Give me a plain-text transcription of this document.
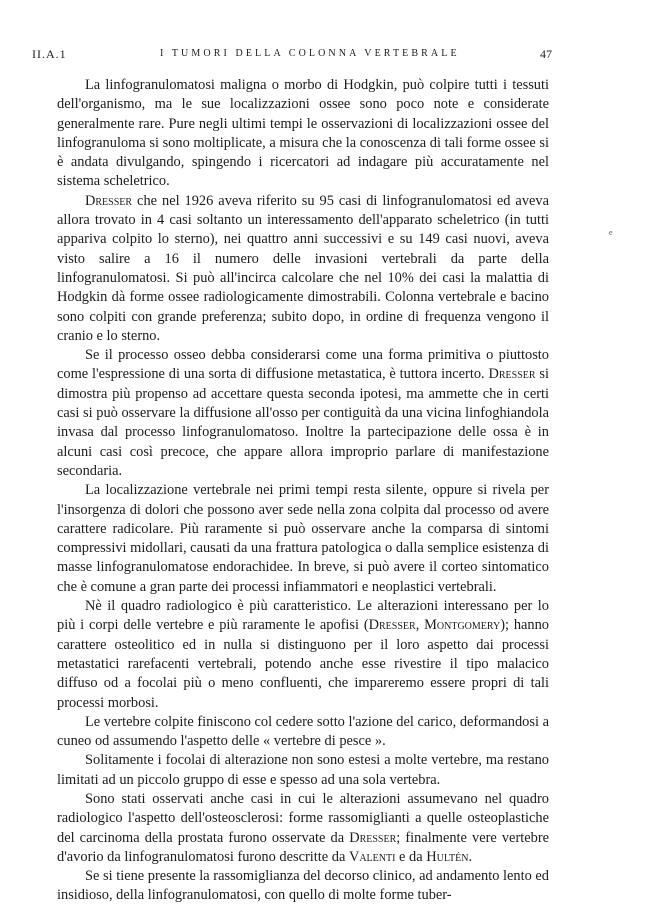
II.A.1	I TUMORI DELLA COLONNA VERTEBRALE	47
e

La linfogranulomatosi maligna o morbo di Hodgkin, può colpire tutti i tessuti dell'organismo, ma le sue localizzazioni ossee sono poco note e considerate generalmente rare. Pure negli ultimi tempi le osservazioni di localizzazioni ossee del linfogranuloma si sono moltiplicate, a misura che la conoscenza di tali forme ossee si è andata divulgando, spingendo i ricercatori ad indagare più accuratamente nel sistema scheletrico.

Dresser che nel 1926 aveva riferito su 95 casi di linfogranulomatosi ed aveva allora trovato in 4 casi soltanto un interessamento dell'apparato scheletrico (in tutti appariva colpito lo sterno), nei quattro anni successivi e su 149 casi nuovi, aveva visto salire a 16 il numero delle invasioni vertebrali da parte della linfogranulomatosi. Si può all'incirca calcolare che nel 10% dei casi la malattia di Hodgkin dà forme ossee radiologicamente dimostrabili. Colonna vertebrale e bacino sono colpiti con grande preferenza; subito dopo, in ordine di frequenza vengono il cranio e lo sterno.

Se il processo osseo debba considerarsi come una forma primitiva o piuttosto come l'espressione di una sorta di diffusione metastatica, è tuttora incerto. Dresser si dimostra più propenso ad accettare questa seconda ipotesi, ma ammette che in certi casi si può osservare la diffusione all'osso per contiguità da una vicina linfoghiandola invasa dal processo linfogranulomatoso. Inoltre la partecipazione delle ossa è in alcuni casi così precoce, che appare allora improprio parlare di manifestazione secondaria.

La localizzazione vertebrale nei primi tempi resta silente, oppure si rivela per l'insorgenza di dolori che possono aver sede nella zona colpita dal processo od avere carattere radicolare. Più raramente si può osservare anche la comparsa di sintomi compressivi midollari, causati da una frattura patologica o dalla semplice esistenza di masse linfogranulomatose endorachidee. In breve, si può avere il corteo sintomatico che è comune a gran parte dei processi infiammatori e neoplastici vertebrali.

Nè il quadro radiologico è più caratteristico. Le alterazioni interessano per lo più i corpi delle vertebre e più raramente le apofisi (Dresser, Montgomery); hanno carattere osteolitico ed in nulla si distinguono per il loro aspetto dai processi metastatici rarefacenti vertebrali, potendo anche esse rivestire il tipo malacico diffuso od a focolai più o meno confluenti, che impareremo essere propri di tali processi morbosi.

Le vertebre colpite finiscono col cedere sotto l'azione del carico, deformandosi a cuneo od assumendo l'aspetto delle « vertebre di pesce ».

Solitamente i focolai di alterazione non sono estesi a molte vertebre, ma restano limitati ad un piccolo gruppo di esse e spesso ad una sola vertebra.

Sono stati osservati anche casi in cui le alterazioni assumevano nel quadro radiologico l'aspetto dell'osteosclerosi: forme rassomiglianti a quelle osteoplastiche del carcinoma della prostata furono osservate da Dresser; finalmente vere vertebre d'avorio da linfogranulomatosi furono descritte da Valenti e da Hultén.

Se si tiene presente la rassomiglianza del decorso clinico, ad andamento lento ed insidioso, della linfogranulomatosi, con quello di molte forme tuber-
